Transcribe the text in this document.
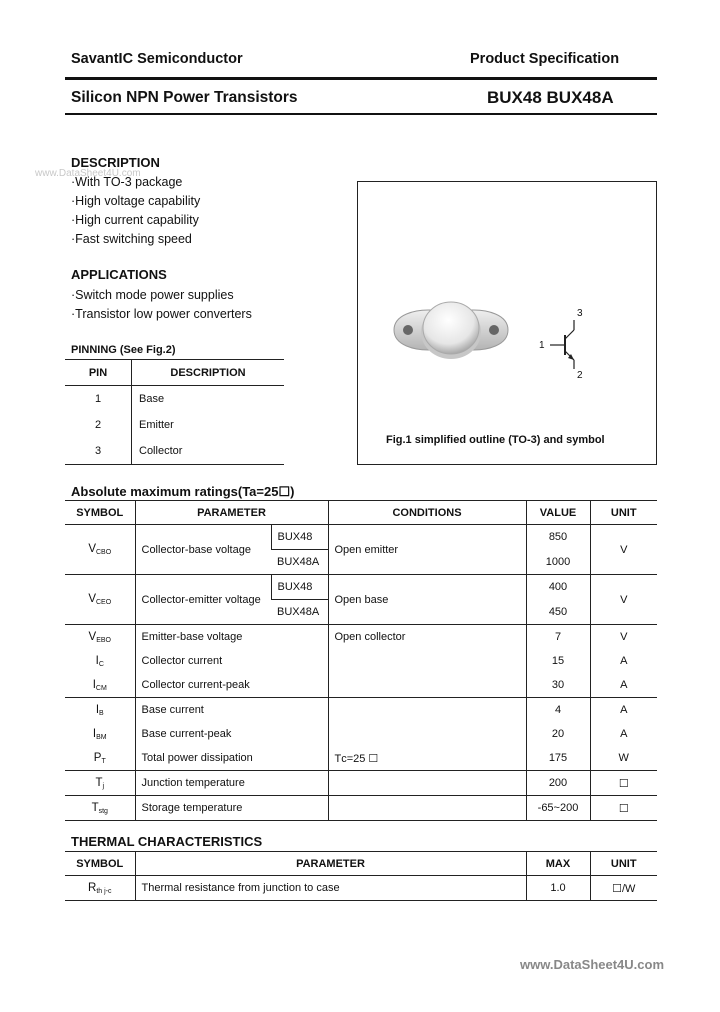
SavantIC Semiconductor	Product Specification
Silicon NPN Power Transistors	BUX48 BUX48A
www.DataSheet4U.com
DESCRIPTION
·With TO-3 package
·High voltage capability
·High current capability
·Fast switching speed
APPLICATIONS
·Switch mode power supplies
·Transistor low power converters
PINNING (See Fig.2)
PIN	DESCRIPTION
1	Base
2	Emitter
3	Collector
1
2
3
Fig.1 simplified outline (TO-3) and symbol
Absolute maximum ratings(Ta=25☐)
SYMBOL	PARAMETER		CONDITIONS	VALUE	UNIT
$V_{CBO}$	Collector-base voltage	BUX48	Open emitter	850	V
		BUX48A		1000	
$V_{CEO}$	Collector-emitter voltage	BUX48	Open base	400	V
		BUX48A		450	
$V_{EBO}$	Emitter-base voltage		Open collector	7	V
$I_C$	Collector current			15	A
$I_{CM}$	Collector current-peak			30	A
$I_B$	Base current			4	A
$I_{BM}$	Base current-peak			20	A
$P_T$	Total power dissipation		Tᴄ=25 ☐	175	W
$T_j$	Junction temperature			200	☐
$T_{stg}$	Storage temperature			-65~200	☐
THERMAL CHARACTERISTICS
SYMBOL	PARAMETER	MAX	UNIT
$R_{th j-c}$	Thermal resistance from junction to case	1.0	☐/W
www.DataSheet4U.com
